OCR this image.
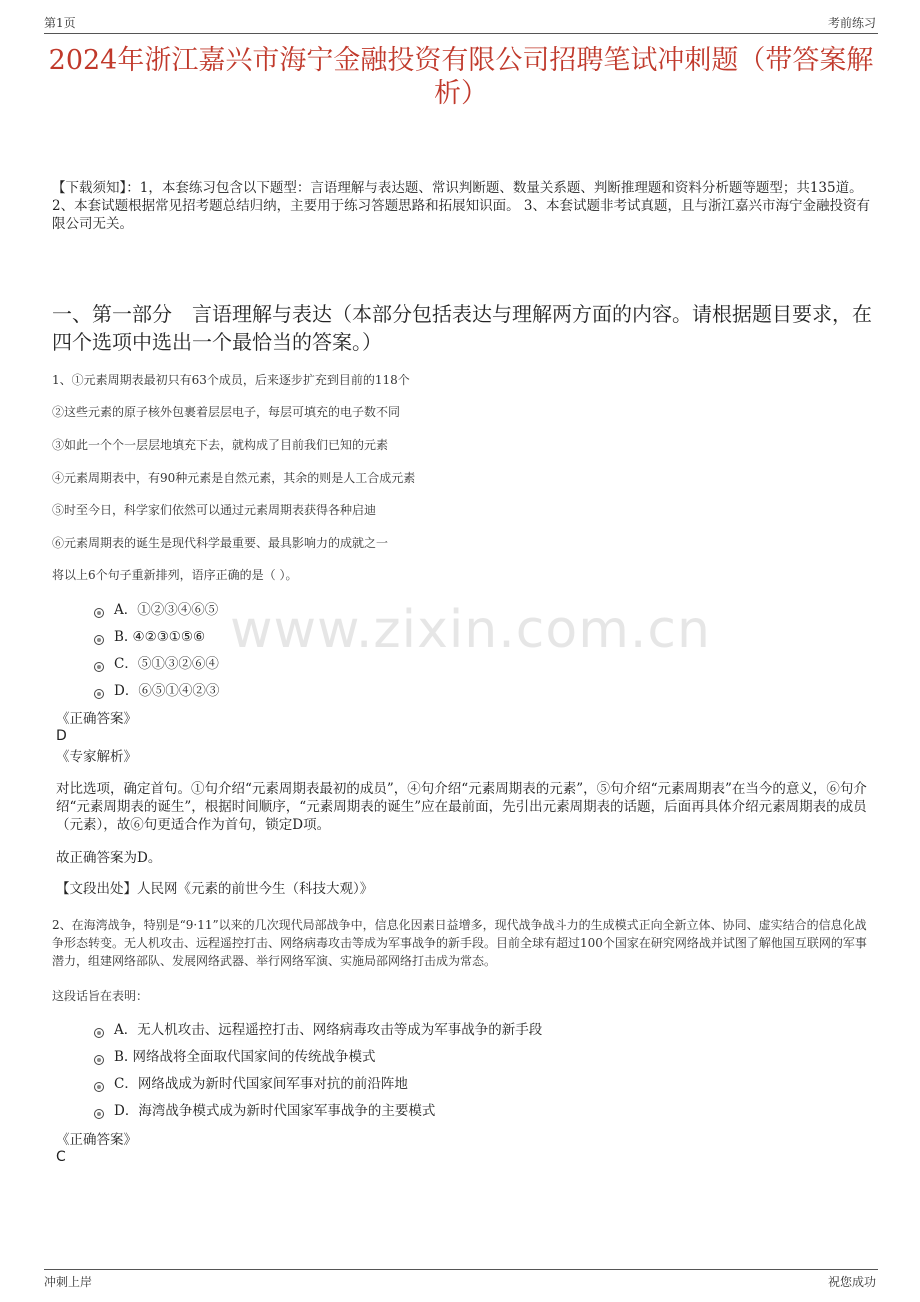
第1页	考前练习
2024年浙江嘉兴市海宁金融投资有限公司招聘笔试冲刺题（带答案解析）
【下载须知】：1，本套练习包含以下题型：言语理解与表达题、常识判断题、数量关系题、判断推理题和资料分析题等题型；共135道。 2、本套试题根据常见招考题总结归纳，主要用于练习答题思路和拓展知识面。 3、本套试题非考试真题，且与浙江嘉兴市海宁金融投资有限公司无关。
一、第一部分　言语理解与表达（本部分包括表达与理解两方面的内容。请根据题目要求，在四个选项中选出一个最恰当的答案。）
www.zixin.com.cn
1、①元素周期表最初只有63个成员，后来逐步扩充到目前的118个
②这些元素的原子核外包裹着层层电子，每层可填充的电子数不同
③如此一个个一层层地填充下去，就构成了目前我们已知的元素
④元素周期表中，有90种元素是自然元素，其余的则是人工合成元素
⑤时至今日，科学家们依然可以通过元素周期表获得各种启迪
⑥元素周期表的诞生是现代科学最重要、最具影响力的成就之一
将以上6个句子重新排列，语序正确的是（ ）。
A．①②③④⑥⑤
B. ④②③①⑤⑥
C．⑤①③②⑥④
D．⑥⑤①④②③
《正确答案》
D
《专家解析》
对比选项，确定首句。①句介绍“元素周期表最初的成员”，④句介绍“元素周期表的元素”，⑤句介绍“元素周期表”在当今的意义，⑥句介绍“元素周期表的诞生”，根据时间顺序，“元素周期表的诞生”应在最前面，先引出元素周期表的话题，后面再具体介绍元素周期表的成员（元素），故⑥句更适合作为首句，锁定D项。
故正确答案为D。
【文段出处】人民网《元素的前世今生（科技大观）》
2、在海湾战争，特别是“9·11”以来的几次现代局部战争中，信息化因素日益增多，现代战争战斗力的生成模式正向全新立体、协同、虚实结合的信息化战争形态转变。无人机攻击、远程遥控打击、网络病毒攻击等成为军事战争的新手段。目前全球有超过100个国家在研究网络战并试图了解他国互联网的军事潜力，组建网络部队、发展网络武器、举行网络军演、实施局部网络打击成为常态。
这段话旨在表明：
A．无人机攻击、远程遥控打击、网络病毒攻击等成为军事战争的新手段
B. 网络战将全面取代国家间的传统战争模式
C．网络战成为新时代国家间军事对抗的前沿阵地
D．海湾战争模式成为新时代国家军事战争的主要模式
《正确答案》
C
冲刺上岸	祝您成功
